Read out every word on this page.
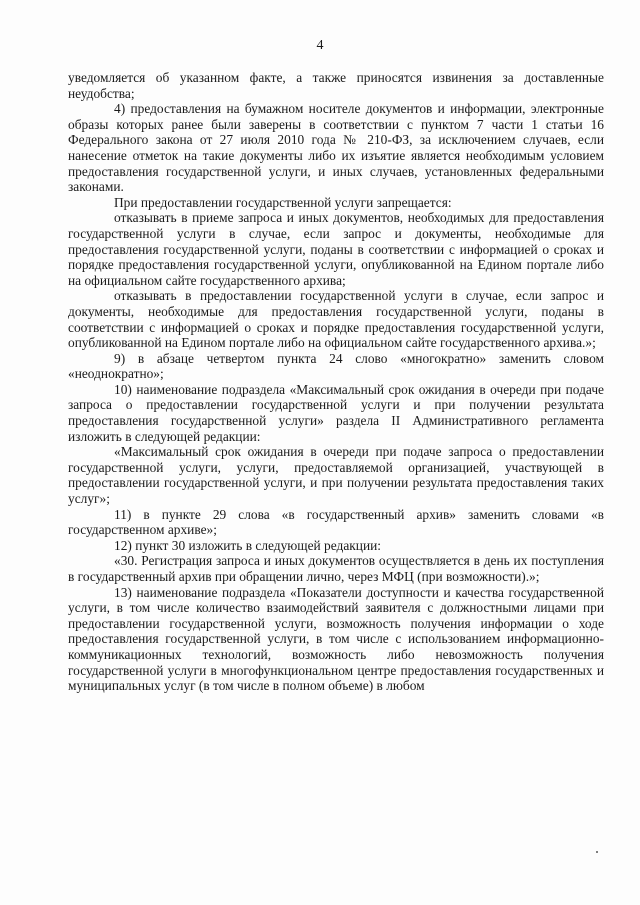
4

уведомляется об указанном факте, а также приносятся извинения за доставленные неудобства;

4) предоставления на бумажном носителе документов и информации, электронные образы которых ранее были заверены в соответствии с пунктом 7 части 1 статьи 16 Федерального закона от 27 июля 2010 года № 210-ФЗ, за исключением случаев, если нанесение отметок на такие документы либо их изъятие является необходимым условием предоставления государственной услуги, и иных случаев, установленных федеральными законами.

При предоставлении государственной услуги запрещается:

отказывать в приеме запроса и иных документов, необходимых для предоставления государственной услуги в случае, если запрос и документы, необходимые для предоставления государственной услуги, поданы в соответствии с информацией о сроках и порядке предоставления государственной услуги, опубликованной на Едином портале либо на официальном сайте государственного архива;

отказывать в предоставлении государственной услуги в случае, если запрос и документы, необходимые для предоставления государственной услуги, поданы в соответствии с информацией о сроках и порядке предоставления государственной услуги, опубликованной на Едином портале либо на официальном сайте государственного архива.»;

9) в абзаце четвертом пункта 24 слово «многократно» заменить словом «неоднократно»;

10) наименование подраздела «Максимальный срок ожидания в очереди при подаче запроса о предоставлении государственной услуги и при получении результата предоставления государственной услуги» раздела II Административного регламента изложить в следующей редакции:

«Максимальный срок ожидания в очереди при подаче запроса о предоставлении государственной услуги, услуги, предоставляемой организацией, участвующей в предоставлении государственной услуги, и при получении результата предоставления таких услуг»;

11) в пункте 29 слова «в государственный архив» заменить словами «в государственном архиве»;

12) пункт 30 изложить в следующей редакции:

«30. Регистрация запроса и иных документов осуществляется в день их поступления в государственный архив при обращении лично, через МФЦ (при возможности).»;

13) наименование подраздела «Показатели доступности и качества государственной услуги, в том числе количество взаимодействий заявителя с должностными лицами при предоставлении государственной услуги, возможность получения информации о ходе предоставления государственной услуги, в том числе с использованием информационно-коммуникационных технологий, возможность либо невозможность получения государственной услуги в многофункциональном центре предоставления государственных и муниципальных услуг (в том числе в полном объеме) в любом
